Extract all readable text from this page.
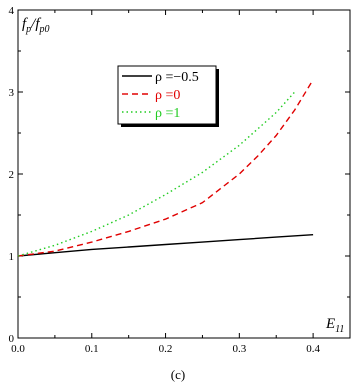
0.0	0.1	0.2	0.3	0.4
0
1
2
3
4
$f_p/f_{p0}$
$E_{11}$
ρ =−0.5
ρ =0
ρ =1
(c)
